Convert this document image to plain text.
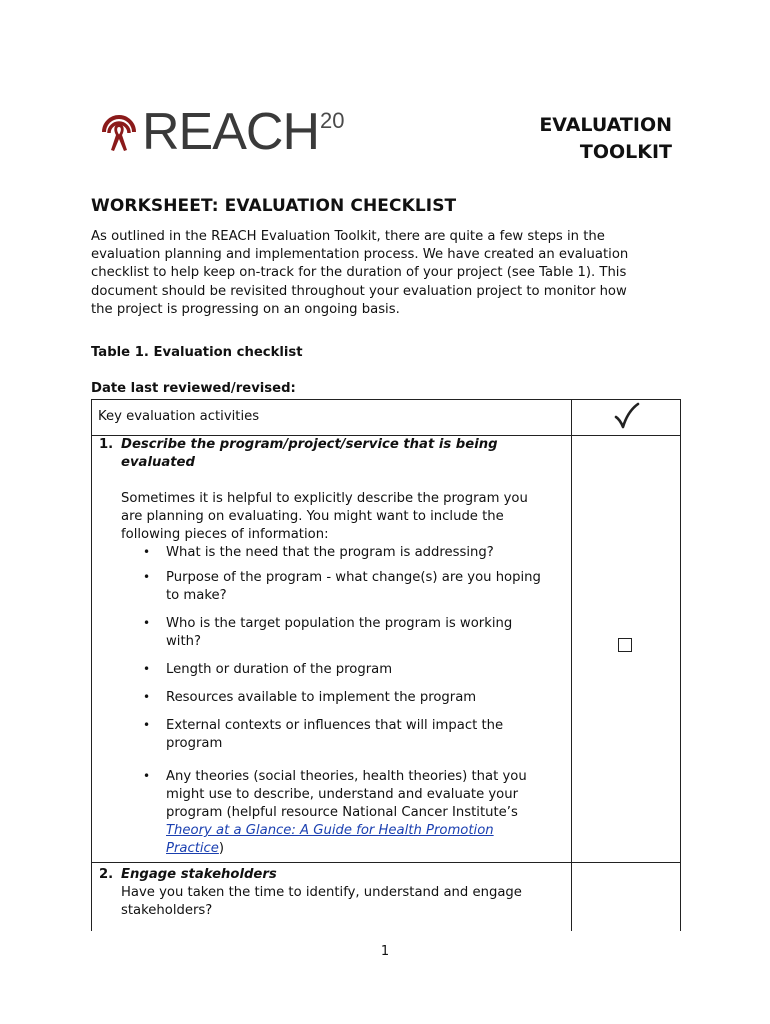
REACH 20	EVALUATION
TOOLKIT
WORKSHEET: EVALUATION CHECKLIST
As outlined in the REACH Evaluation Toolkit, there are quite a few steps in the
evaluation planning and implementation process. We have created an evaluation
checklist to help keep on-track for the duration of your project (see Table 1). This
document should be revisited throughout your evaluation project to monitor how
the project is progressing on an ongoing basis.
Table 1. Evaluation checklist
Date last reviewed/revised:
Key evaluation activities
1. Describe the program/project/service that is being
evaluated
Sometimes it is helpful to explicitly describe the program you
are planning on evaluating. You might want to include the
following pieces of information:
• What is the need that the program is addressing?
• Purpose of the program - what change(s) are you hoping
to make?
• Who is the target population the program is working
with?
• Length or duration of the program
• Resources available to implement the program
• External contexts or influences that will impact the
program
• Any theories (social theories, health theories) that you
might use to describe, understand and evaluate your
program (helpful resource National Cancer Institute’s
Theory at a Glance: A Guide for Health Promotion
Practice)
2. Engage stakeholders
Have you taken the time to identify, understand and engage
stakeholders?
1
